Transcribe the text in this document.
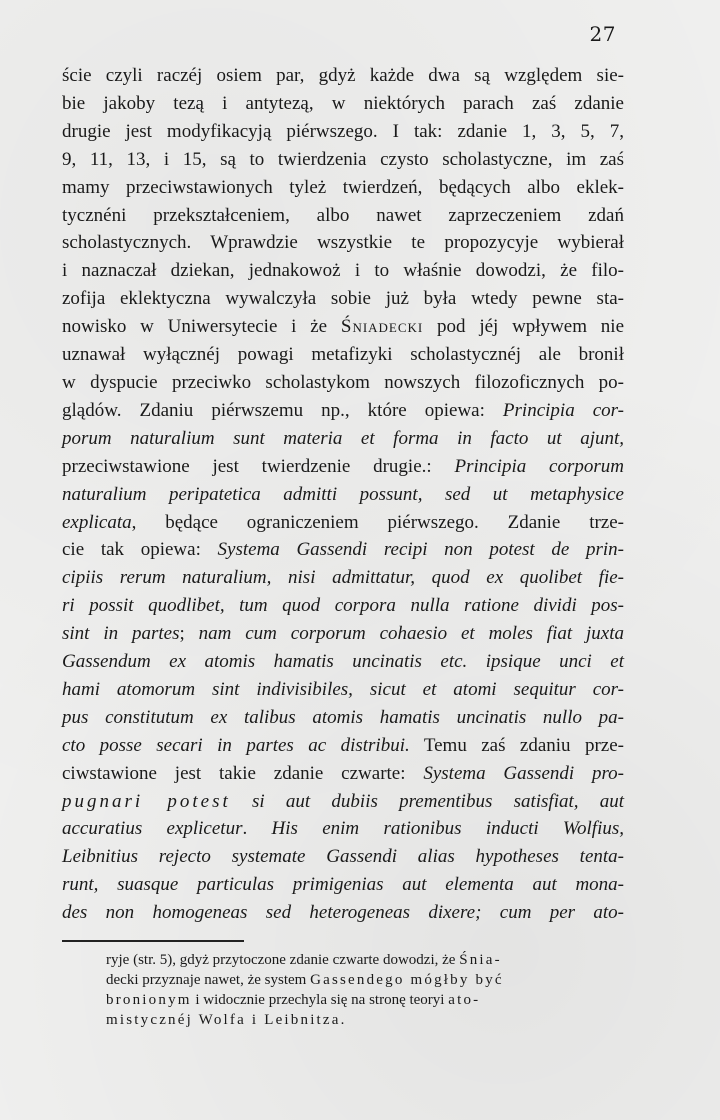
27
ście czyli raczéj osiem par, gdyż każde dwa są względem sie-
bie jakoby tezą i antytezą, w niektórych parach zaś zdanie
drugie jest modyfikacyją piérwszego. I tak: zdanie 1, 3, 5, 7,
9, 11, 13, i 15, są to twierdzenia czysto scholastyczne, im zaś
mamy przeciwstawionych tyleż twierdzeń, będących albo eklek-
tycznéni przekształceniem, albo nawet zaprzeczeniem zdań
scholastycznych. Wprawdzie wszystkie te propozycyje wybierał
i naznaczał dziekan, jednakowoż i to właśnie dowodzi, że filo-
zofija eklektyczna wywalczyła sobie już była wtedy pewne sta-
nowisko w Uniwersytecie i że Śniadecki pod jéj wpływem nie
uznawał wyłącznéj powagi metafizyki scholastycznéj ale bronił
w dyspucie przeciwko scholastykom nowszych filozoficznych po-
glądów. Zdaniu piérwszemu np., które opiewa: Principia cor-
porum naturalium sunt materia et forma in facto ut ajunt,
przeciwstawione jest twierdzenie drugie.: Principia corporum
naturalium peripatetica admitti possunt, sed ut metaphysice
explicata, będące ograniczeniem piérwszego. Zdanie trze-
cie tak opiewa: Systema Gassendi recipi non potest de prin-
cipiis rerum naturalium, nisi admittatur, quod ex quolibet fie-
ri possit quodlibet, tum quod corpora nulla ratione dividi pos-
sint in partes; nam cum corporum cohaesio et moles fiat juxta
Gassendum ex atomis hamatis uncinatis etc. ipsique unci et
hami atomorum sint indivisibiles, sicut et atomi sequitur cor-
pus constitutum ex talibus atomis hamatis uncinatis nullo pa-
cto posse secari in partes ac distribui. Temu zaś zdaniu prze-
ciwstawione jest takie zdanie czwarte: Systema Gassendi pro-
pugnari potest si aut dubiis prementibus satisfiat, aut
accuratius explicetur. His enim rationibus inducti Wolfius,
Leibnitius rejecto systemate Gassendi alias hypotheses tenta-
runt, suasque particulas primigenias aut elementa aut mona-
des non homogeneas sed heterogeneas dixere; cum per ato-
ryje (str. 5), gdyż przytoczone zdanie czwarte dowodzi, że Śnia-
decki przyznaje nawet, że system Gassendego mógłby być
bronionym i widocznie przechyla się na stronę teoryi ato-
mistycznéj Wolfa i Leibnitza.
